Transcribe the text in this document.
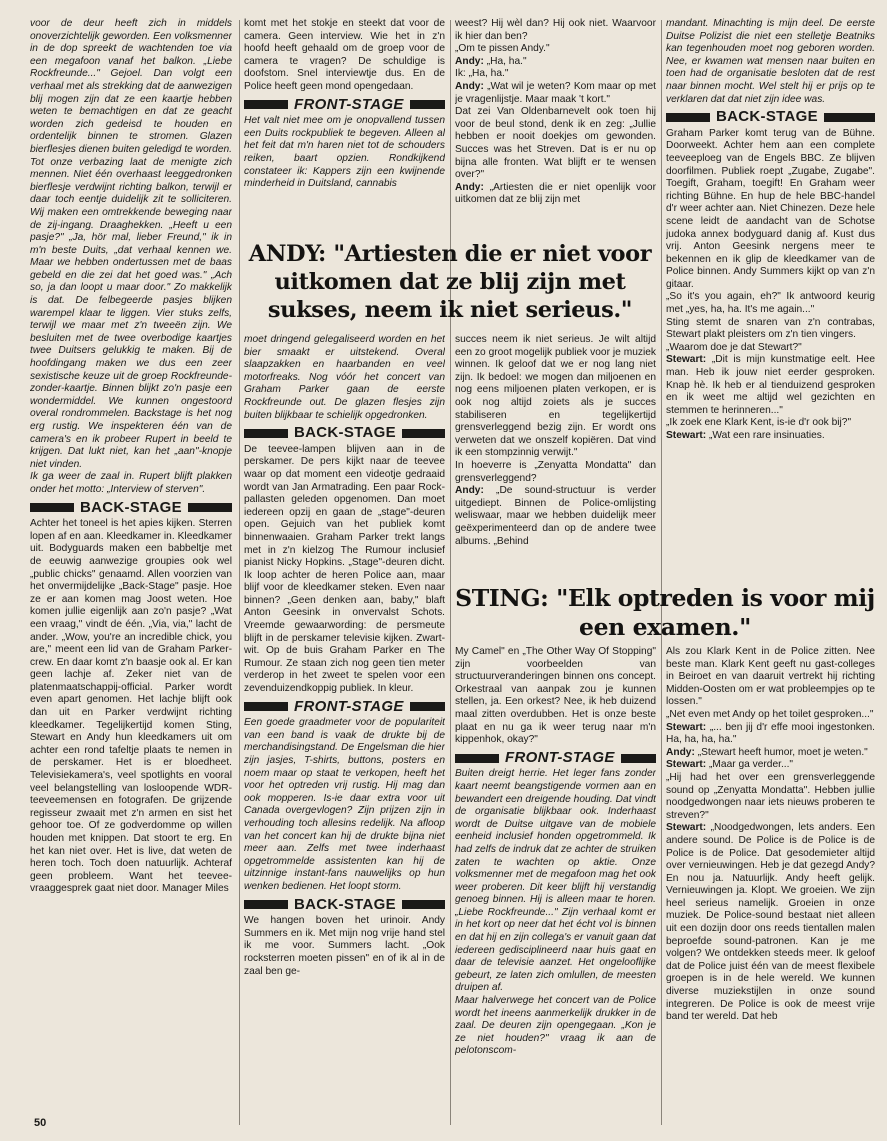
voor de deur heeft zich in middels onoverzichtelijk geworden. Een volksmenner in de dop spreekt de wachtenden toe via een megafoon vanaf het balkon. „Liebe Rockfreunde..." Gejoel. Dan volgt een verhaal met als strekking dat de aanwezigen blij mogen zijn dat ze een kaartje hebben weten te bemachtigen en dat ze geacht worden zich gedeisd te houden en ordentelijk binnen te stromen. Glazen bierflesjes dienen buiten geledigd te worden. Tot onze verbazing laat de menigte zich mennen. Niet één overhaast leeggedronken bierflesje verdwijnt richting balkon, terwijl er daar toch eentje duidelijk zit te solliciteren. Wij maken een omtrekkende beweging naar de zij-ingang. Draaghekken. „Heeft u een pasje?" „Ja, hör mal, lieber Freund," ik in m'n beste Duits, „dat verhaal kennen we. Maar we hebben ondertussen met de baas gebeld en die zei dat het goed was." „Ach so, ja dan loopt u maar door." Zo makkelijk is dat. De felbegeerde pasjes blijken warempel klaar te liggen. Vier stuks zelfs, terwijl we maar met z'n tweeën zijn. We besluiten met de twee overbodige kaartjes twee Duitsers gelukkig te maken. Bij de hoofdingang maken we dus een zeer sexistische keuze uit de groep Rockfreunde-zonder-kaartje. Binnen blijkt zo'n pasje een wondermiddel. We kunnen ongestoord overal rondrommelen. Backstage is het nog erg rustig. We inspekteren één van de camera's en ik probeer Rupert in beeld te krijgen. Dat lukt niet, kan het „aan"-knopje niet vinden.

Ik ga weer de zaal in. Rupert blijft plakken onder het motto: „Interview of sterven".

BACK-STAGE

Achter het toneel is het apies kijken. Sterren lopen af en aan. Kleedkamer in. Kleedkamer uit. Bodyguards maken een babbeltje met de eeuwig aanwezige groupies ook wel „public chicks" genaamd. Allen voorzien van het onvermijdelijke „Back-Stage" pasje. Hoe ze er aan komen mag Joost weten. Hoe komen jullie eigenlijk aan zo'n pasje? „Wat een vraag," vindt de één. „Via, via," lacht de ander. „Wow, you're an incredible chick, you are," meent een lid van de Graham Parker-crew. En daar komt z'n baasje ook al. Er kan geen lachje af. Zeker niet van de platenmaatschappij-official. Parker wordt even apart genomen. Het lachje blijft ook dan uit en Parker verdwijnt richting kleedkamer. Tegelijkertijd komen Sting, Stewart en Andy hun kleedkamers uit om achter een rond tafeltje plaats te nemen in de perskamer. Het is er bloedheet. Televisiekamera's, veel spotlights en vooral veel belangstelling van losloopende WDR-teeveemensen en fotografen. De grijzende regisseur zwaait met z'n armen en sist het gehoor toe. Of ze godverdomme op willen houden met knippen. Dat stoort te erg. En het kan niet over. Het is live, dat weten de heren toch. Toch doen natuurlijk. Achteraf geen probleem. Want het teevee-vraaggesprek gaat niet door. Manager Miles

komt met het stokje en steekt dat voor de camera. Geen interview. Wie het in z'n hoofd heeft gehaald om de groep voor de camera te vragen? De schuldige is doofstom. Snel interviewtje dus. En de Police heeft geen mond opengedaan.

FRONT-STAGE

Het valt niet mee om je onopvallend tussen een Duits rockpubliek te begeven. Alleen al het feit dat m'n haren niet tot de schouders reiken, baart opzien. Rondkijkend constateer ik: Kappers zijn een kwijnende minderheid in Duitsland, cannabis

weest? Hij wèl dan? Hij ook niet. Waarvoor ik hier dan ben?

„Om te pissen Andy."

Andy: „Ha, ha."

Ik: „Ha, ha."

Andy: „Wat wil je weten? Kom maar op met je vragenlijstje. Maar maak 't kort."

Dat zei Van Oldenbarnevelt ook toen hij voor de beul stond, denk ik en zeg: „Jullie hebben er nooit doekjes om gewonden. Succes was het Streven. Dat is er nu op bijna alle fronten. Wat blijft er te wensen over?"

Andy: „Artiesten die er niet openlijk voor uitkomen dat ze blij zijn met

ANDY: "Artiesten die er niet voor uitkomen dat ze blij zijn met sukses, neem ik niet serieus."

moet dringend gelegaliseerd worden en het bier smaakt er uitstekend. Overal slaapzakken en haarbanden en veel motorfreaks. Nog vóór het concert van Graham Parker gaan de eerste Rockfreunde out. De glazen flesjes zijn buiten blijkbaar te schielijk opgedronken.

BACK-STAGE

De teevee-lampen blijven aan in de perskamer. De pers kijkt naar de teevee waar op dat moment een videotje gedraaid wordt van Jan Armatrading. Een paar Rock-pallasten geleden opgenomen. Dan moet iedereen opzij en gaan de „stage"-deuren open. Gejuich van het publiek komt binnenwaaien. Graham Parker trekt langs met in z'n kielzog The Rumour inclusief pianist Nicky Hopkins. „Stage"-deuren dicht. Ik loop achter de heren Police aan, maar blijf voor de kleedkamer steken. Even naar binnen? „Geen denken aan, baby," blaft Anton Geesink in onvervalst Schots. Vreemde gewaarwording: de persmeute blijft in de perskamer televisie kijken. Zwart-wit. Op de buis Graham Parker en The Rumour. Ze staan zich nog geen tien meter verderop in het zweet te spelen voor een zevenduizendkoppig publiek. In kleur.

FRONT-STAGE

Een goede graadmeter voor de populariteit van een band is vaak de drukte bij de merchandisingstand. De Engelsman die hier zijn jasjes, T-shirts, buttons, posters en noem maar op staat te verkopen, heeft het voor het optreden vrij rustig. Hij mag dan ook mopperen. Is-ie daar extra voor uit Canada overgevlogen? Zijn prijzen zijn in verhouding toch allesins redelijk. Na afloop van het concert kan hij de drukte bijna niet meer aan. Zelfs met twee inderhaast opgetrommelde assistenten kan hij de uitzinnige instant-fans nauwelijks op hun wenken bedienen. Het loopt storm.

BACK-STAGE

We hangen boven het urinoir. Andy Summers en ik. Met mijn nog vrije hand stel ik me voor. Summers lacht. „Ook rocksterren moeten pissen" en of ik al in de zaal ben ge-

succes neem ik niet serieus. Je wilt altijd een zo groot mogelijk publiek voor je muziek winnen. Ik geloof dat we er nog lang niet zijn. Ik bedoel: we mogen dan miljoenen en nog eens miljoenen platen verkopen, er is ook nog altijd zoiets als je succes stabiliseren en tegelijkertijd grensverleggend bezig zijn. Er wordt ons verweten dat we onszelf kopiëren. Dat vind ik een stompzinnig verwijt."

In hoeverre is „Zenyatta Mondatta" dan grensverleggend?

Andy: „De sound-structuur is verder uitgediept. Binnen de Police-omlijsting weliswaar, maar we hebben duidelijk meer geëxperimenteerd dan op de andere twee albums. „Behind

mandant. Minachting is mijn deel. De eerste Duitse Polizist die niet een stelletje Beatniks kan tegenhouden moet nog geboren worden. Nee, er kwamen wat mensen naar buiten en toen had de organisatie besloten dat de rest naar binnen mocht. Wel stelt hij er prijs op te verklaren dat dat niet zijn idee was.

BACK-STAGE

Graham Parker komt terug van de Bühne. Doorweekt. Achter hem aan een complete teeveeploeg van de Engels BBC. Ze blijven doorfilmen. Publiek roept „Zugabe, Zugabe". Toegift, Graham, toegift! En Graham weer richting Bühne. En hup de hele BBC-handel d'r weer achter aan. Niet Chinezen. Deze hele scene leidt de aandacht van de Schotse judoka annex bodyguard danig af. Kust dus vrij. Anton Geesink nergens meer te bekennen en ik glip de kleedkamer van de Police binnen. Andy Summers kijkt op van z'n gitaar.

„So it's you again, eh?" Ik antwoord keurig met „yes, ha, ha. It's me again..."

Sting stemt de snaren van z'n contrabas, Stewart plakt pleisters om z'n tien vingers.

„Waarom doe je dat Stewart?"

Stewart: „Dit is mijn kunstmatige eelt. Hee man. Heb ik jouw niet eerder gesproken. Knap hè. Ik heb er al tienduizend gesproken en ik weet me altijd wel gezichten en stemmen te herinneren..."

„Ik zoek ene Klark Kent, is-ie d'r ook bij?"

Stewart: „Wat een rare insinuaties.

STING: "Elk optreden is voor mij een examen."

My Camel" en „The Other Way Of Stopping" zijn voorbeelden van structuurveranderingen binnen ons concept. Orkestraal van aanpak zou je kunnen stellen, ja. Een orkest? Nee, ik heb duizend maal zitten overdubben. Het is onze beste plaat en nu ga ik weer terug naar m'n kippenhok, okay?"

FRONT-STAGE

Buiten dreigt herrie. Het leger fans zonder kaart neemt beangstigende vormen aan en bewandert een dreigende houding. Dat vindt de organisatie blijkbaar ook. Inderhaast wordt de Duitse uitgave van de mobiele eenheid inclusief honden opgetrommeld. Ik had zelfs de indruk dat ze achter de struiken zaten te wachten op aktie. Onze volksmenner met de megafoon mag het ook weer proberen. Dit keer blijft hij verstandig genoeg binnen. Hij is alleen maar te horen. „Liebe Rockfreunde..." Zijn verhaal komt er in het kort op neer dat het écht vol is binnen en dat hij en zijn collega's er vanuit gaan dat iedereen gedisciplineerd naar huis gaat en daar de televisie aanzet. Het ongelooflijke gebeurt, ze laten zich omlullen, de meesten druipen af.

Maar halverwege het concert van de Police wordt het ineens aanmerkelijk drukker in de zaal. De deuren zijn opengegaan. „Kon je ze niet houden?" vraag ik aan de pelotonscom-

Als zou Klark Kent in de Police zitten. Nee beste man. Klark Kent geeft nu gast-colleges in Beiroet en van daaruit vertrekt hij richting Midden-Oosten om er wat probleempjes op te lossen."

„Net even met Andy op het toilet gesproken..."

Stewart: „... ben jij d'r effe mooi ingestonken. Ha, ha, ha, ha."

Andy: „Stewart heeft humor, moet je weten."

Stewart: „Maar ga verder..."

„Hij had het over een grensverleggende sound op „Zenyatta Mondatta". Hebben jullie noodgedwongen naar iets nieuws proberen te streven?"

Stewart: „Noodgedwongen, lets anders. Een andere sound. De Police is de Police is de Police is de Police. Dat gesodemieter altijd over vernieuwingen. Heb je dat gezegd Andy? En nou ja. Natuurlijk. Andy heeft gelijk. Vernieuwingen ja. Klopt. We groeien. We zijn heel serieus namelijk. Groeien in onze muziek. De Police-sound bestaat niet alleen uit een dozijn door ons reeds tientallen malen beproefde sound-patronen. Kan je me volgen? We ontdekken steeds meer. Ik geloof dat de Police juist één van de meest flexibele groepen is in de hele wereld. We kunnen diverse muziekstijlen in onze sound integreren. De Police is ook de meest vrije band ter wereld. Dat heb

50
